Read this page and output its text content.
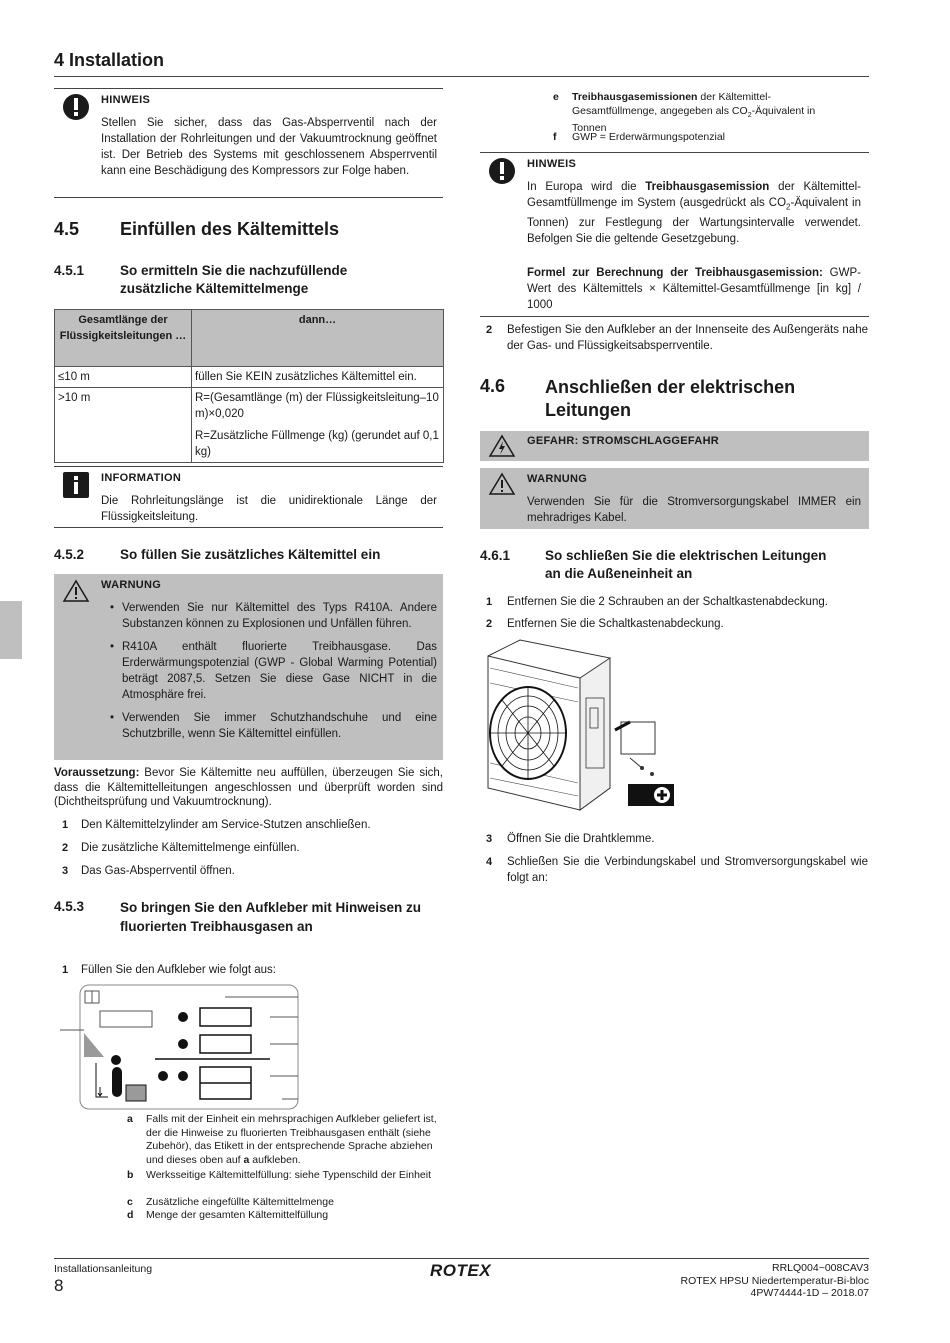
4 Installation
HINWEIS
Stellen Sie sicher, dass das Gas-Absperrventil nach der Installation der Rohrleitungen und der Vakuumtrocknung geöffnet ist. Der Betrieb des Systems mit geschlossenem Absperrventil kann eine Beschädigung des Kompressors zur Folge haben.
4.5 Einfüllen des Kältemittels
4.5.1	So ermitteln Sie die nachzufüllende zusätzliche Kältemittelmenge
Gesamtlänge der Flüssigkeitsleitungen …	dann…
≤10 m	füllen Sie KEIN zusätzliches Kältemittel ein.
>10 m	R=(Gesamtlänge (m) der Flüssigkeitsleitung–10 m)×0,020
R=Zusätzliche Füllmenge (kg) (gerundet auf 0,1 kg)
INFORMATION
Die Rohrleitungslänge ist die unidirektionale Länge der Flüssigkeitsleitung.
4.5.2	So füllen Sie zusätzliches Kältemittel ein
WARNUNG
• Verwenden Sie nur Kältemittel des Typs R410A. Andere Substanzen können zu Explosionen und Unfällen führen.
• R410A enthält fluorierte Treibhausgase. Das Erderwärmungspotenzial (GWP - Global Warming Potential) beträgt 2087,5. Setzen Sie diese Gase NICHT in die Atmosphäre frei.
• Verwenden Sie immer Schutzhandschuhe und eine Schutzbrille, wenn Sie Kältemittel einfüllen.
Voraussetzung: Bevor Sie Kältemitte neu auffüllen, überzeugen Sie sich, dass die Kältemittelleitungen angeschlossen und überprüft worden sind (Dichtheitsprüfung und Vakuumtrocknung).
1 Den Kältemittelzylinder am Service-Stutzen anschließen.
2 Die zusätzliche Kältemittelmenge einfüllen.
3 Das Gas-Absperrventil öffnen.
4.5.3	So bringen Sie den Aufkleber mit Hinweisen zu fluorierten Treibhausgasen an
1 Füllen Sie den Aufkleber wie folgt aus:
a Falls mit der Einheit ein mehrsprachigen Aufkleber geliefert ist, der die Hinweise zu fluorierten Treibhausgasen enthält (siehe Zubehör), das Etikett in der entsprechende Sprache abziehen und dieses oben auf a aufkleben.
b Werksseitige Kältemittelfüllung: siehe Typenschild der Einheit
c Zusätzliche eingefüllte Kältemittelmenge
d Menge der gesamten Kältemittelfüllung
e Treibhausgasemissionen der Kältemittel-Gesamtfüllmenge, angegeben als $CO_2$-Äquivalent in Tonnen
f GWP = Erderwärmungspotenzial
HINWEIS
In Europa wird die Treibhausgasemission der Kältemittel-Gesamtfüllmenge im System (ausgedrückt als $CO_2$-Äquivalent in Tonnen) zur Festlegung der Wartungsintervalle verwendet. Befolgen Sie die geltende Gesetzgebung.
Formel zur Berechnung der Treibhausgasemission: GWP-Wert des Kältemittels × Kältemittel-Gesamtfüllmenge [in kg] / 1000
2 Befestigen Sie den Aufkleber an der Innenseite des Außengeräts nahe der Gas- und Flüssigkeitsabsperrventile.
4.6 Anschließen der elektrischen
Leitungen
GEFAHR: STROMSCHLAGGEFAHR
WARNUNG
Verwenden Sie für die Stromversorgungskabel IMMER ein mehradriges Kabel.
4.6.1	So schließen Sie die elektrischen Leitungen an die Außeneinheit an
1 Entfernen Sie die 2 Schrauben an der Schaltkastenabdeckung.
2 Entfernen Sie die Schaltkastenabdeckung.
3 Öffnen Sie die Drahtklemme.
4 Schließen Sie die Verbindungskabel und Stromversorgungskabel wie folgt an:
Installationsanleitung
8
ROTEX	RRLQ004~008CAV3
ROTEX HPSU Niedertemperatur-Bi-bloc
4PW74444-1D – 2018.07
